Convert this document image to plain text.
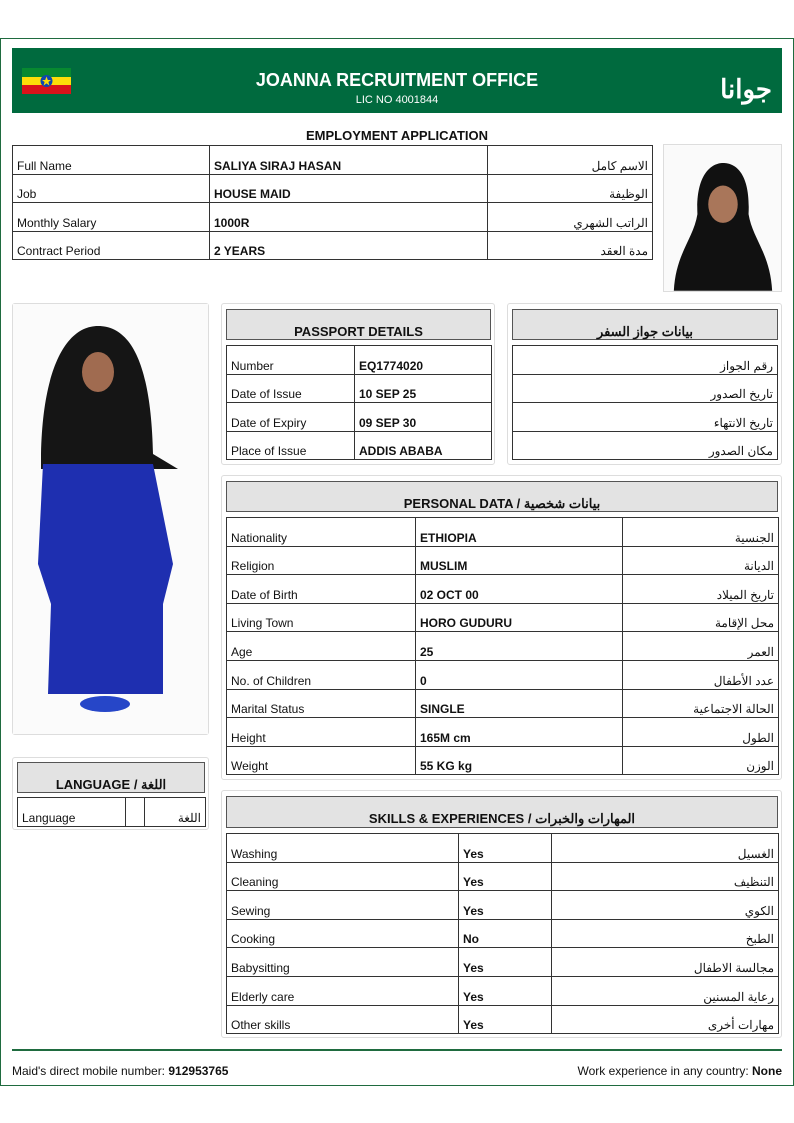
JOANNA RECRUITMENT OFFICE
LIC NO 4001844	جوانا
EMPLOYMENT APPLICATION
Full Name	SALIYA SIRAJ HASAN	الاسم كامل
Job	HOUSE MAID	الوظيفة
Monthly Salary	1000R	الراتب الشهري
Contract Period	2 YEARS	مدة العقد
LANGUAGE / اللغة
Language		اللغة
PASSPORT DETAILS
Number	EQ1774020
Date of Issue	10 SEP 25
Date of Expiry	09 SEP 30
Place of Issue	ADDIS ABABA
بيانات جواز السفر
رقم الجواز
تاريخ الصدور
تاريخ الانتهاء
مكان الصدور
PERSONAL DATA / بيانات شخصية
Nationality	ETHIOPIA	الجنسية
Religion	MUSLIM	الديانة
Date of Birth	02 OCT 00	تاريخ الميلاد
Living Town	HORO GUDURU	محل الإقامة
Age	25	العمر
No. of Children	0	عدد الأطفال
Marital Status	SINGLE	الحالة الاجتماعية
Height	165M cm	الطول
Weight	55 KG kg	الوزن
SKILLS & EXPERIENCES / المهارات والخبرات
Washing	Yes	الغسيل
Cleaning	Yes	التنظيف
Sewing	Yes	الكوي
Cooking	No	الطبخ
Babysitting	Yes	مجالسة الاطفال
Elderly care	Yes	رعاية المسنين
Other skills	Yes	مهارات أخرى
Maid's direct mobile number: 912953765	Work experience in any country: None
